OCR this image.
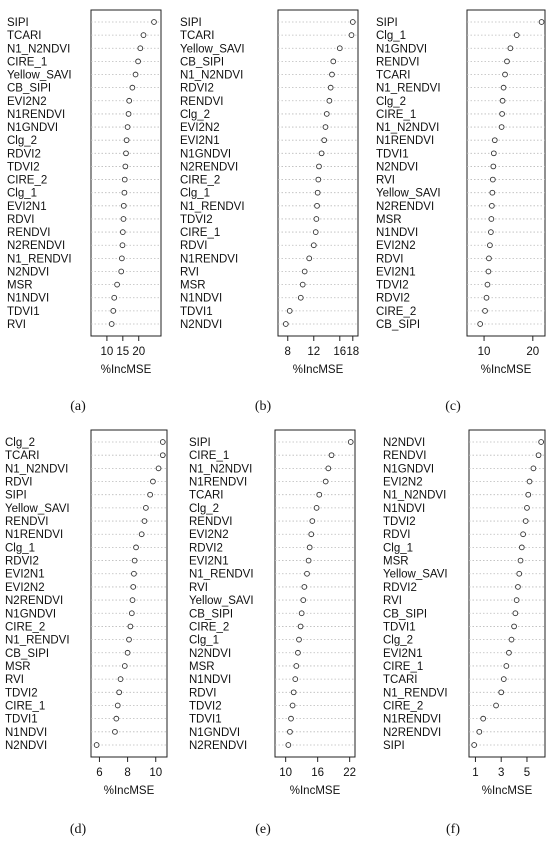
SIPI
TCARI
N1_N2NDVI
CIRE_1
Yellow_SAVI
CB_SIPI
EVI2N2
N1RENDVI
N1GNDVI
Clg_2
RDVI2
TDVI2
CIRE_2
Clg_1
EVI2N1
RDVI
RENDVI
N2RENDVI
N1_RENDVI
N2NDVI
MSR
N1NDVI
TDVI1
RVI
10 15 20
%IncMSE
(a)
SIPI
TCARI
Yellow_SAVI
CB_SIPI
N1_N2NDVI
RDVI2
RENDVI
Clg_2
EVI2N2
EVI2N1
N1GNDVI
N2RENDVI
CIRE_2
Clg_1
N1_RENDVI
TDVI2
CIRE_1
RDVI
N1RENDVI
RVI
MSR
N1NDVI
TDVI1
N2NDVI
8 12 16 18
%IncMSE
(b)
SIPI
Clg_1
N1GNDVI
RENDVI
TCARI
N1_RENDVI
Clg_2
CIRE_1
N1_N2NDVI
N1RENDVI
TDVI1
N2NDVI
RVI
Yellow_SAVI
N2RENDVI
MSR
N1NDVI
EVI2N2
RDVI
EVI2N1
TDVI2
RDVI2
CIRE_2
CB_SIPI
10	20
%IncMSE
(c)
Clg_2
TCARI
N1_N2NDVI
RDVI
SIPI
Yellow_SAVI
RENDVI
N1RENDVI
Clg_1
RDVI2
EVI2N1
EVI2N2
N2RENDVI
N1GNDVI
CIRE_2
N1_RENDVI
CB_SIPI
MSR
RVI
TDVI2
CIRE_1
TDVI1
N1NDVI
N2NDVI
6 8 10
%IncMSE
(d)
SIPI
CIRE_1
N1_N2NDVI
N1RENDVI
TCARI
Clg_2
RENDVI
EVI2N2
RDVI2
EVI2N1
N1_RENDVI
RVI
Yellow_SAVI
CB_SIPI
CIRE_2
Clg_1
N2NDVI
MSR
N1NDVI
RDVI
TDVI2
TDVI1
N1GNDVI
N2RENDVI
10 16 22
%IncMSE
(e)
N2NDVI
RENDVI
N1GNDVI
EVI2N2
N1_N2NDVI
N1NDVI
TDVI2
RDVI
Clg_1
MSR
Yellow_SAVI
RDVI2
RVI
CB_SIPI
TDVI1
Clg_2
EVI2N1
CIRE_1
TCARI
N1_RENDVI
CIRE_2
N1RENDVI
N2RENDVI
SIPI
1 3 5
%IncMSE
(f)
